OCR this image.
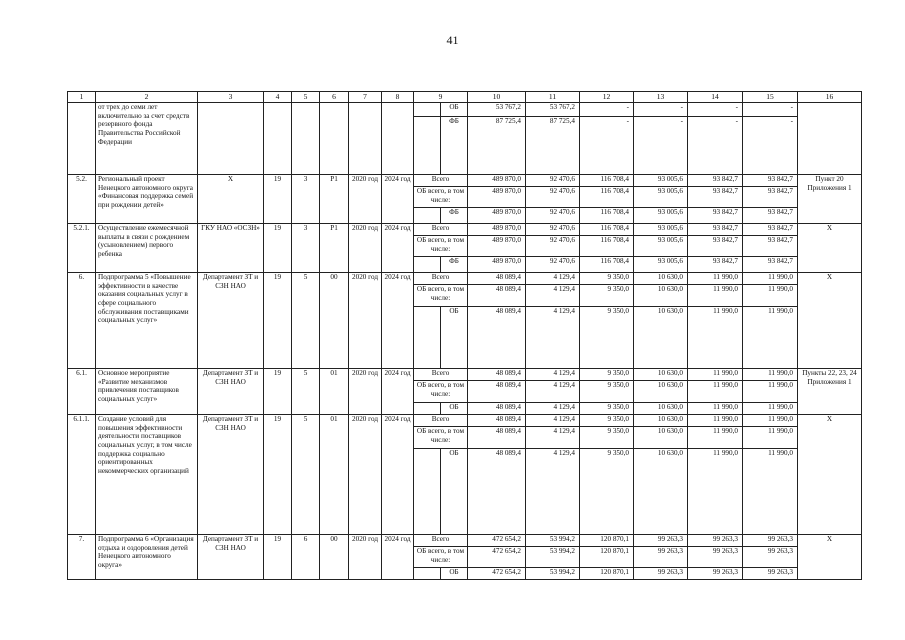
41
1	2	3	4	5	6	7	8	9		10	11	12	13	14	15	16
	от трех до семи лет включительно за счет средств резервного фонда Правительства Российской Федерации								ОБ	53 767,2	53 767,2	-	-	-	-	
									ФБ	87 725,4	87 725,4	-	-	-	-	
5.2.	Региональный проект Ненецкого автономного округа «Финансовая поддержка семей при рождении детей»	Х	19	3	Р1	2020 год	2024 год	Всего		489 870,0	92 470,6	116 708,4	93 005,6	93 842,7	93 842,7	Пункт 20 Приложения 1
								ОБ всего, в том числе:		489 870,0	92 470,6	116 708,4	93 005,6	93 842,7	93 842,7	
									ФБ	489 870,0	92 470,6	116 708,4	93 005,6	93 842,7	93 842,7	
5.2.1.	Осуществление ежемесячной выплаты в связи с рождением (усыновлением) первого ребенка	ГКУ НАО «ОСЗН»	19	3	Р1	2020 год	2024 год	Всего		489 870,0	92 470,6	116 708,4	93 005,6	93 842,7	93 842,7	Х
								ОБ всего, в том числе:		489 870,0	92 470,6	116 708,4	93 005,6	93 842,7	93 842,7	
									ФБ	489 870,0	92 470,6	116 708,4	93 005,6	93 842,7	93 842,7	
6.	Подпрограмма 5 «Повышение эффективности в качестве оказания социальных услуг в сфере социального обслуживания поставщиками социальных услуг»	Департамент ЗТ и СЗН НАО	19	5	00	2020 год	2024 год	Всего		48 089,4	4 129,4	9 350,0	10 630,0	11 990,0	11 990,0	Х
								ОБ всего, в том числе:		48 089,4	4 129,4	9 350,0	10 630,0	11 990,0	11 990,0	
									ОБ	48 089,4	4 129,4	9 350,0	10 630,0	11 990,0	11 990,0	
6.1.	Основное мероприятие «Развитие механизмов привлечения поставщиков социальных услуг»	Департамент ЗТ и СЗН НАО	19	5	01	2020 год	2024 год	Всего		48 089,4	4 129,4	9 350,0	10 630,0	11 990,0	11 990,0	Пункты 22, 23, 24 Приложения 1
								ОБ всего, в том числе:		48 089,4	4 129,4	9 350,0	10 630,0	11 990,0	11 990,0	
									ОБ	48 089,4	4 129,4	9 350,0	10 630,0	11 990,0	11 990,0	
6.1.1.	Создание условий для повышения эффективности деятельности поставщиков социальных услуг, в том числе поддержка социально ориентированных некоммерческих организаций	Департамент ЗТ и СЗН НАО	19	5	01	2020 год	2024 год	Всего		48 089,4	4 129,4	9 350,0	10 630,0	11 990,0	11 990,0	Х
								ОБ всего, в том числе:		48 089,4	4 129,4	9 350,0	10 630,0	11 990,0	11 990,0	
									ОБ	48 089,4	4 129,4	9 350,0	10 630,0	11 990,0	11 990,0	
7.	Подпрограмма 6 «Организация отдыха и оздоровления детей Ненецкого автономного округа»	Департамент ЗТ и СЗН НАО	19	6	00	2020 год	2024 год	Всего		472 654,2	53 994,2	120 870,1	99 263,3	99 263,3	99 263,3	Х
								ОБ всего, в том числе:		472 654,2	53 994,2	120 870,1	99 263,3	99 263,3	99 263,3	
									ОБ	472 654,2	53 994,2	120 870,1	99 263,3	99 263,3	99 263,3	
